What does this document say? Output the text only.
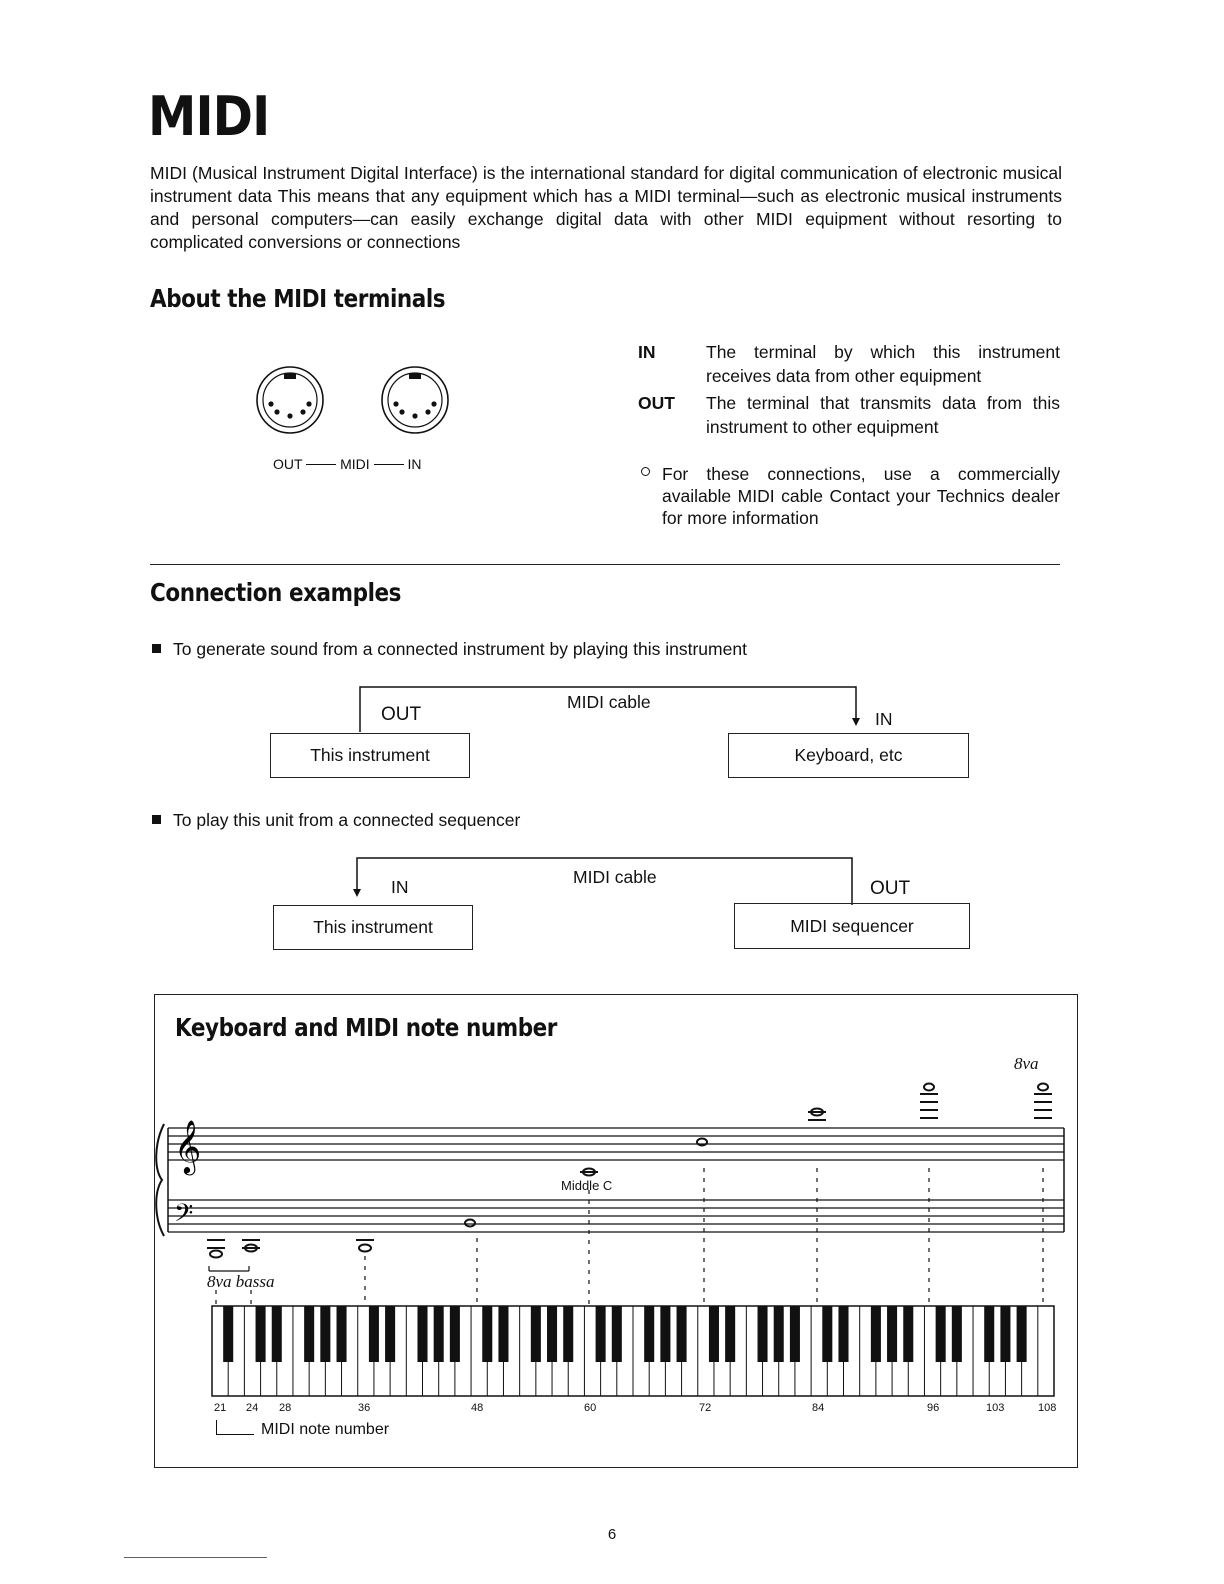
MIDI
MIDI (Musical Instrument Digital Interface) is the international standard for digital communication of electronic musical instrument data This means that any equipment which has a MIDI terminal—such as electronic musical instruments and personal computers—can easily exchange digital data with other MIDI equipment without resorting to complicated conversions or connections
About the MIDI terminals
OUT	MIDI	IN
IN	The terminal by which this instrument receives data from other equipment
OUT The terminal that transmits data from this instrument to other equipment
For these connections, use a commercially available MIDI cable Contact your Technics dealer for more information
Connection examples
To generate sound from a connected instrument by playing this instrument
OUT
MIDI cable
IN
This instrument	Keyboard, etc
To play this unit from a connected sequencer
IN	MIDI cable
OUT
This instrument	MIDI sequencer
Keyboard and MIDI note number
𝄞
𝄢
8va
8va bassa
Middle C
21 24 28	36	48	60	72	84	96	103	108
MIDI note number
6
